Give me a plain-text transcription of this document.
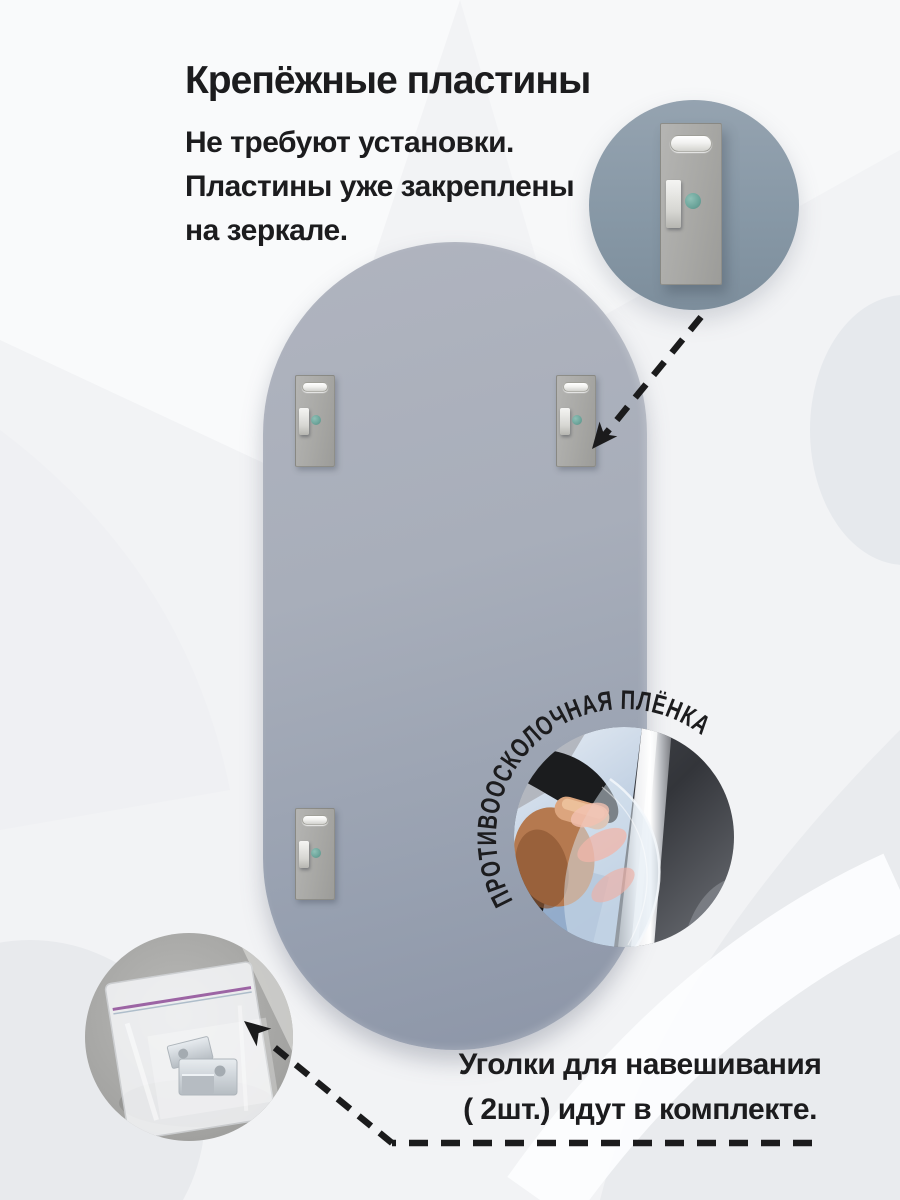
Крепёжные пластины
Не требуют установки.
Пластины уже закреплены
на зеркале.
ПРОТИВООСКОЛОЧНАЯ ПЛЁНКА
Уголки для навешивания
( 2шт.) идут в комплекте.
